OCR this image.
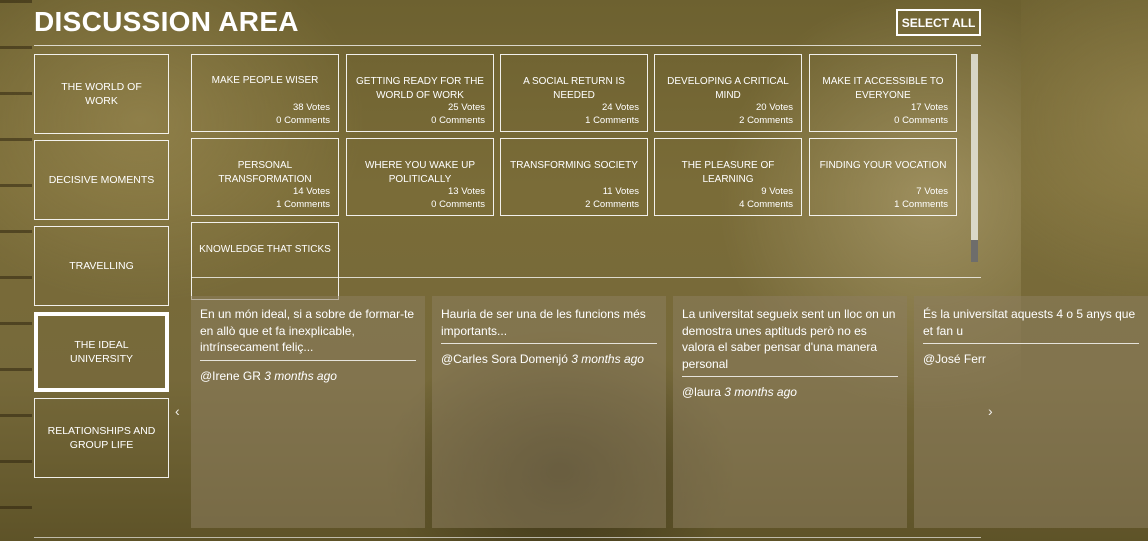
DISCUSSION AREA	SELECT ALL
THE WORLD OF WORK
DECISIVE MOMENTS
TRAVELLING
THE IDEAL UNIVERSITY
RELATIONSHIPS AND GROUP LIFE
MAKE PEOPLE WISER
38 Votes
0 Comments
GETTING READY FOR THE WORLD OF WORK
25 Votes
0 Comments
A SOCIAL RETURN IS NEEDED
24 Votes
1 Comments
DEVELOPING A CRITICAL MIND
20 Votes
2 Comments
MAKE IT ACCESSIBLE TO EVERYONE
17 Votes
0 Comments
PERSONAL TRANSFORMATION
14 Votes
1 Comments
WHERE YOU WAKE UP POLITICALLY
13 Votes
0 Comments
TRANSFORMING SOCIETY
11 Votes
2 Comments
THE PLEASURE OF LEARNING
9 Votes
4 Comments
FINDING YOUR VOCATION
7 Votes
1 Comments
KNOWLEDGE THAT STICKS
En un món ideal, si a sobre de formar-te en allò que et fa inexplicable, intrínsecament feliç...
@Irene GR 3 months ago
Hauria de ser una de les funcions més importants...
@Carles Sora Domenjó 3 months ago
La universitat segueix sent un lloc on un demostra unes aptituds però no es valora el saber pensar d'una manera personal
@laura 3 months ago
És la universitat aquests 4 o 5 anys que et fan u
@José Ferr
‹	›
